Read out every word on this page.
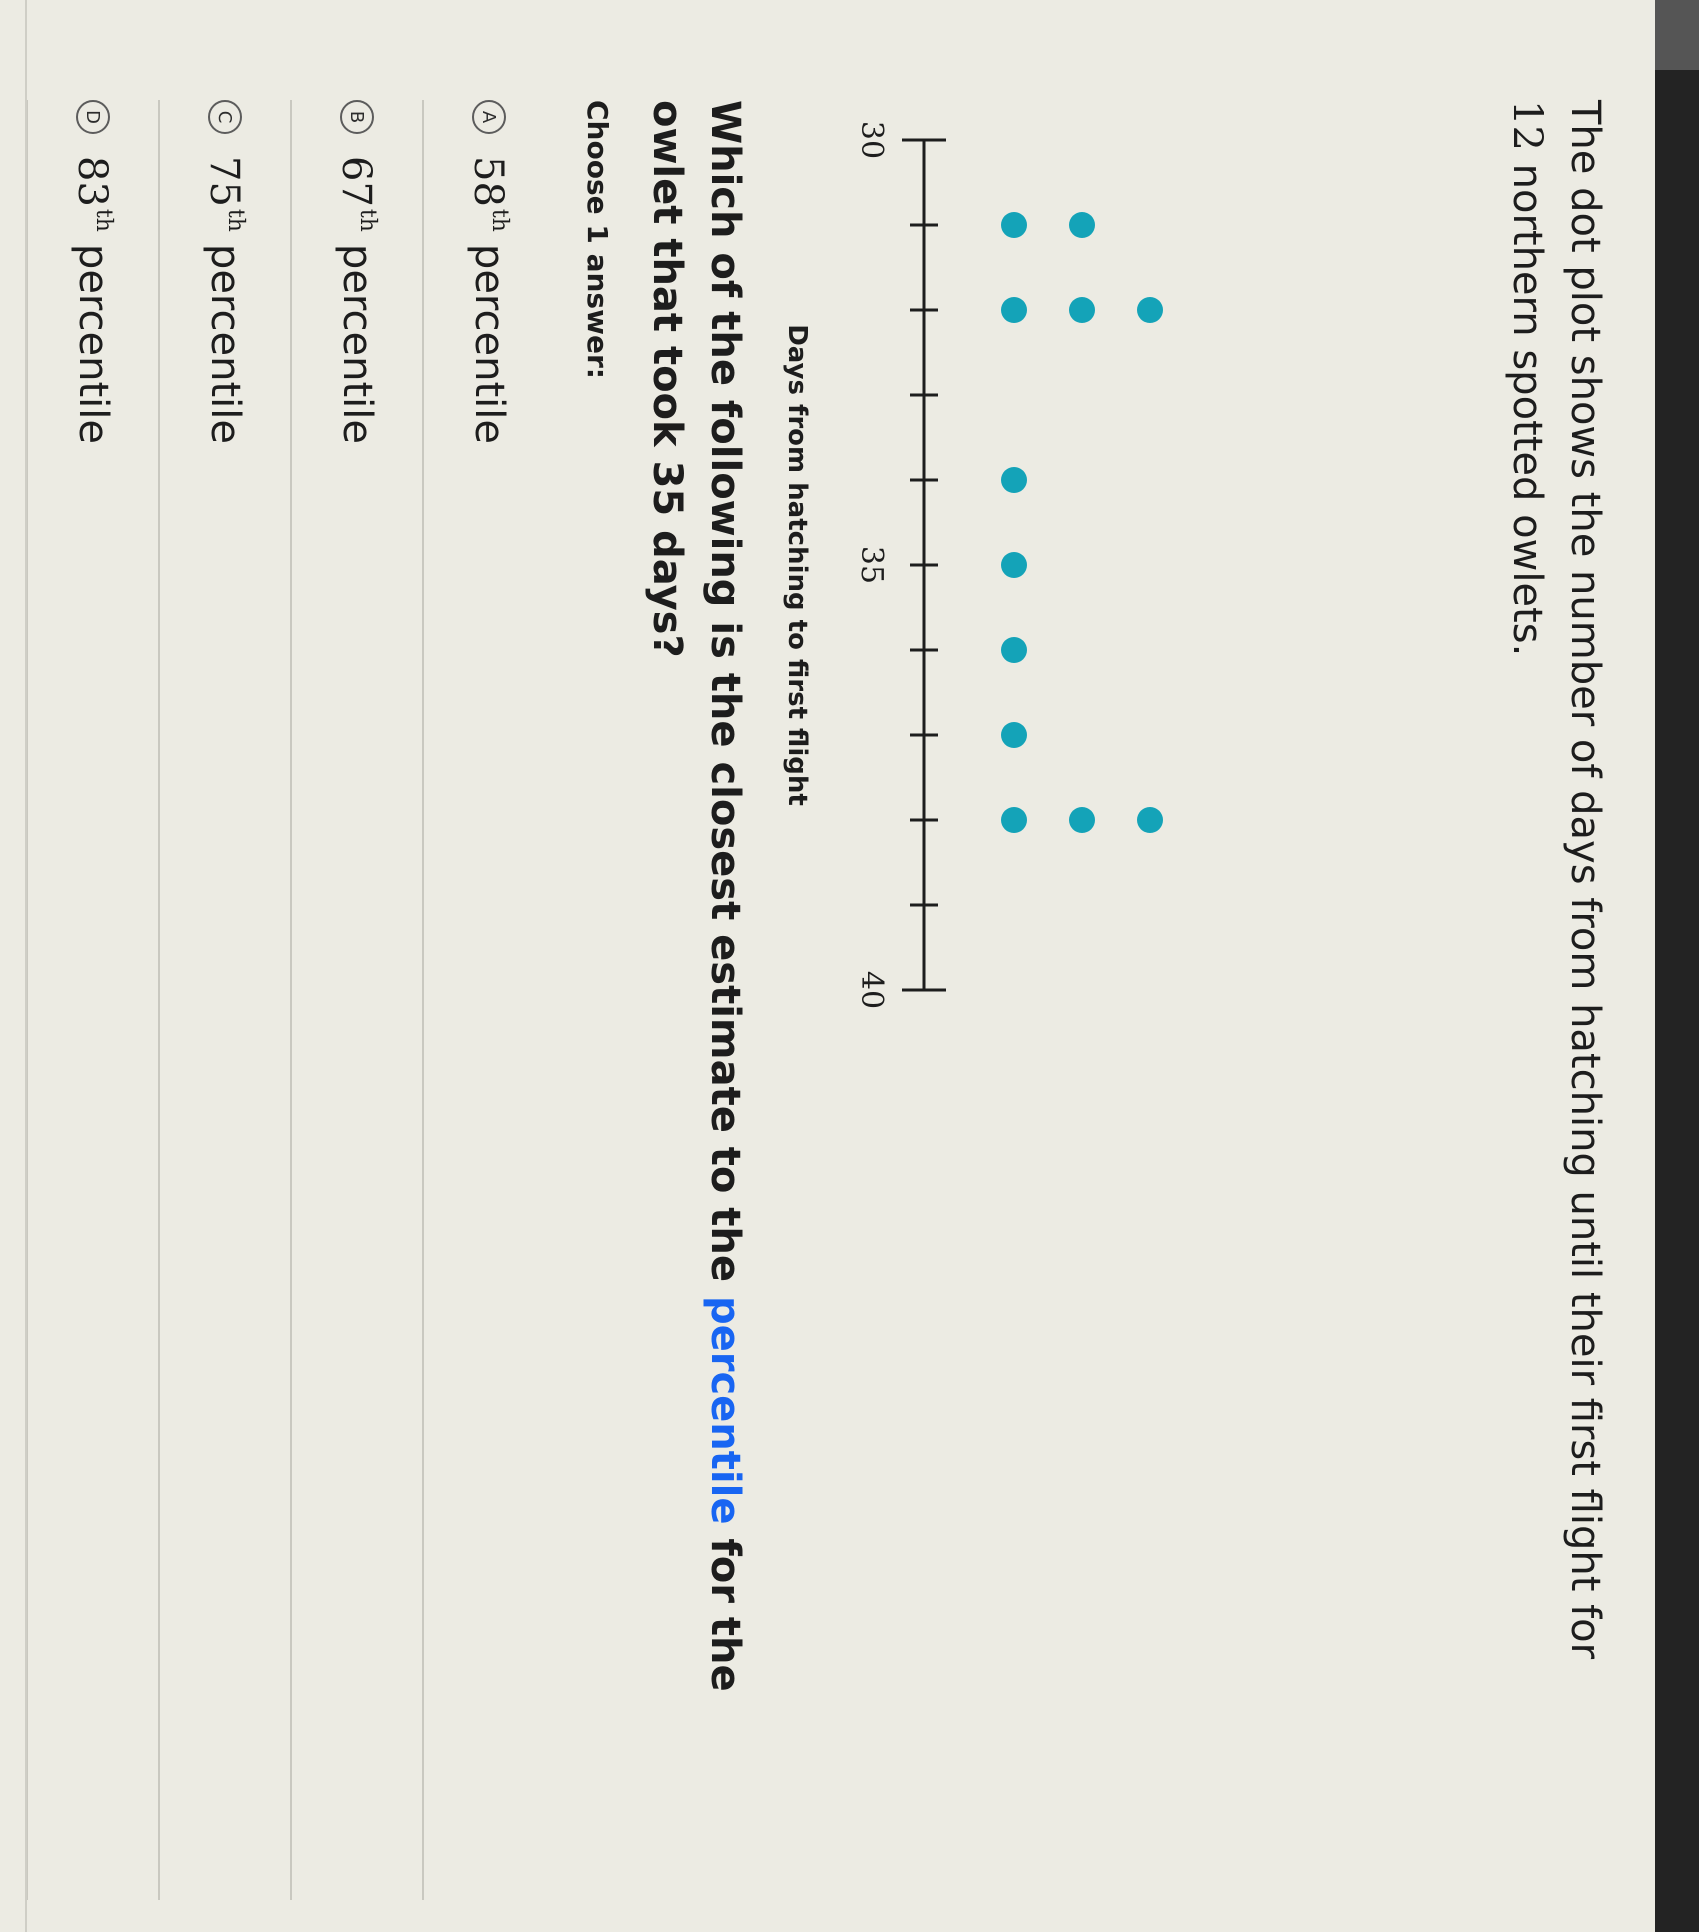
The dot plot shows the number of days from hatching until their first flight for 12 northern spotted owlets.

30
35
40
Days from hatching to first flight

Which of the following is the closest estimate to the percentile for the owlet that took 35 days?

Choose 1 answer:
A
58th
percentile
B
67th
percentile
C
75th
percentile
D
83th
percentile
